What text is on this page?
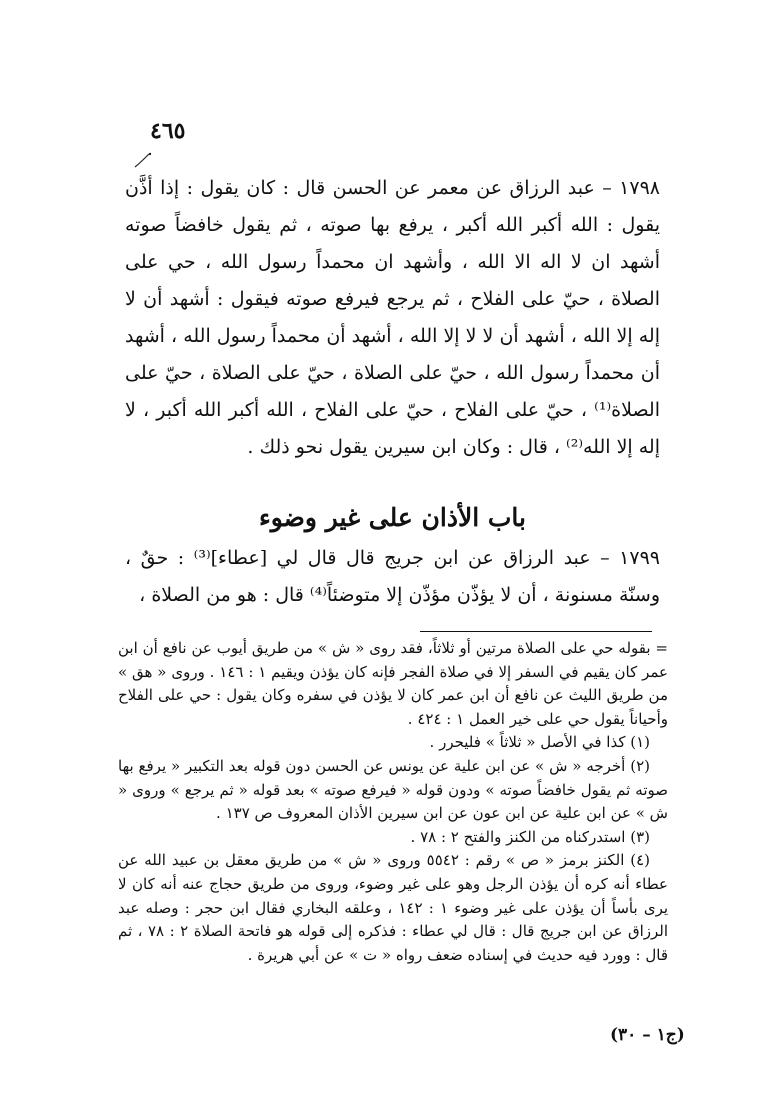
٤٦٥
١٧٩٨ – عبد الرزاق عن معمر عن الحسن قال : كان يقول : إذا أذَّن يقول : الله أكبر الله أكبر ، يرفع بها صوته ، ثم يقول خافضاً صوته أشهد ان لا اله الا الله ، وأشهد ان محمداً رسول الله ، حي على الصلاة ، حيّ على الفلاح ، ثم يرجع فيرفع صوته فيقول : أشهد أن لا إله إلا الله ، أشهد أن لا لا إلا الله ، أشهد أن محمداً رسول الله ، أشهد أن محمداً رسول الله ، حيّ على الصلاة ، حيّ على الصلاة ، حيّ على الصلاة⁽¹⁾ ، حيّ على الفلاح ، حيّ على الفلاح ، الله أكبر الله أكبر ، لا إله إلا الله⁽²⁾ ، قال : وكان ابن سيرين يقول نحو ذلك .
باب الأذان على غير وضوء
١٧٩٩ – عبد الرزاق عن ابن جريج قال قال لي [عطاء]⁽³⁾ : حقٌ ، وسنّة مسنونة ، أن لا يؤذّن مؤذّن إلا متوضئاً⁽⁴⁾ قال : هو من الصلاة ،

= بقوله حي على الصلاة مرتين أو ثلاثاً، فقد روى « ش » من طريق أيوب عن نافع أن ابن عمر كان يقيم في السفر إلا في صلاة الفجر فإنه كان يؤذن ويقيم ١ : ١٤٦ . وروى « هق » من طريق الليث عن نافع أن ابن عمر كان لا يؤذن في سفره وكان يقول : حي على الفلاح وأحياناً يقول حي على خير العمل ١ : ٤٢٤ .

(١) كذا في الأصل « ثلاثاً » فليحرر .

(٢) أخرجه « ش » عن ابن علية عن يونس عن الحسن دون قوله بعد التكبير « يرفع بها صوته ثم يقول خافضاً صوته » ودون قوله « فيرفع صوته » بعد قوله « ثم يرجع » وروى « ش » عن ابن علية عن ابن عون عن ابن سيرين الأذان المعروف ص ١٣٧ .

(٣) استدركناه من الكنز والفتح ٢ : ٧٨ .

(٤) الكنز برمز « ص » رقم : ٥٥٤٢ وروى « ش » من طريق معقل بن عبيد الله عن عطاء أنه كره أن يؤذن الرجل وهو على غير وضوء، وروى من طريق حجاج عنه أنه كان لا يرى بأساً أن يؤذن على غير وضوء ١ : ١٤٢ ، وعلقه البخاري فقال ابن حجر : وصله عبد الرزاق عن ابن جريج قال : قال لي عطاء : فذكره إلى قوله هو فاتحة الصلاة ٢ : ٧٨ ، ثم قال : وورد فيه حديث في إسناده ضعف رواه « ت » عن أبي هريرة .

(ج١ – ٣٠)
